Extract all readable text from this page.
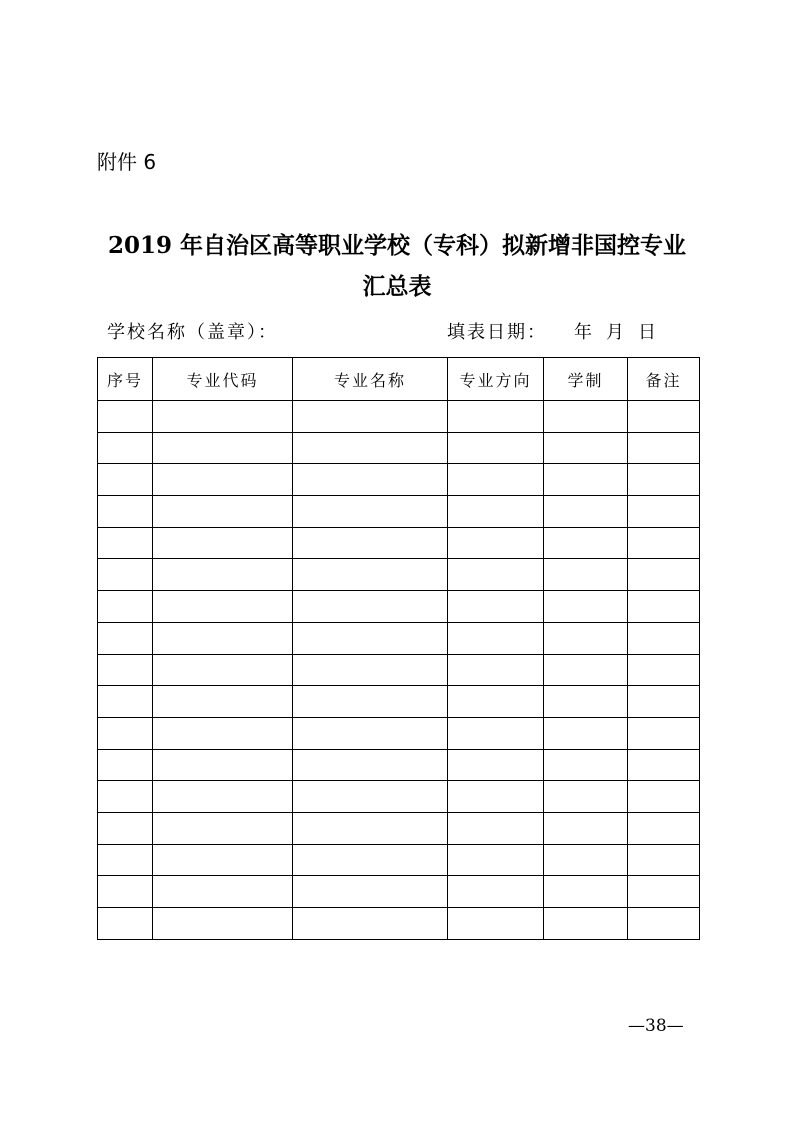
附件 6
2019 年自治区高等职业学校（专科）拟新增非国控专业
汇总表
学校名称（盖章）：	填表日期： 年 月 日
序号	专业代码	专业名称	专业方向	学制	备注

—38—
